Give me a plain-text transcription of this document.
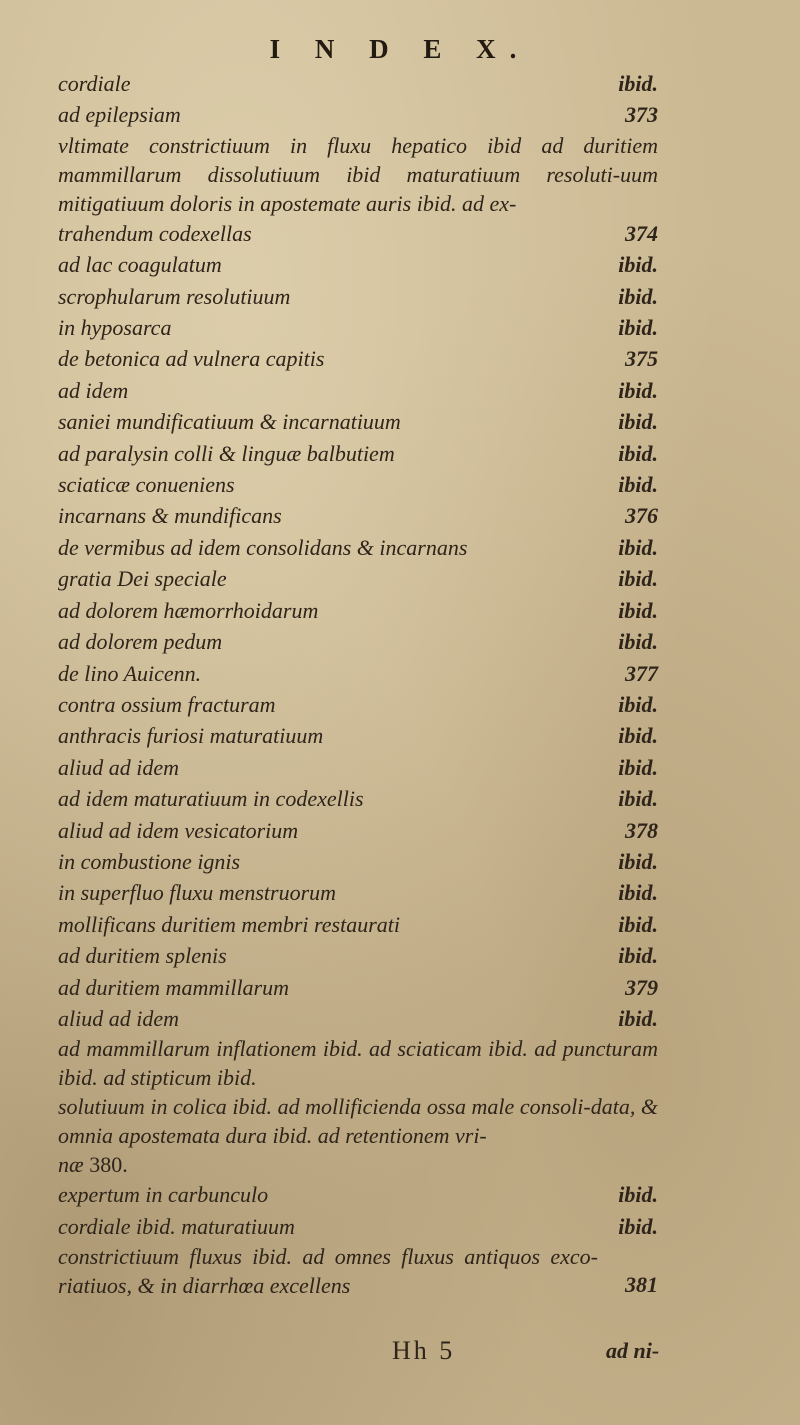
I N D E X.
cordiale	ibid.
ad epilepsiam	373
vltimate constrictiuum in fluxu hepatico ibid ad duritiem mammillarum dissolutiuum ibid maturatiuum resoluti-uum mitigatiuum doloris in apostemate auris ibid. ad ex-
trahendum codexellas	374
ad lac coagulatum	ibid.
scrophularum resolutiuum	ibid.
in hyposarca	ibid.
de betonica ad vulnera capitis	375
ad idem	ibid.
saniei mundificatiuum & incarnatiuum	ibid.
ad paralysin colli & linguæ balbutiem	ibid.
sciaticæ conueniens	ibid.
incarnans & mundificans	376
de vermibus ad idem consolidans & incarnans	ibid.
gratia Dei speciale	ibid.
ad dolorem hæmorrhoidarum	ibid.
ad dolorem pedum	ibid.
de lino Auicenn.	377
contra ossium fracturam	ibid.
anthracis furiosi maturatiuum	ibid.
aliud ad idem	ibid.
ad idem maturatiuum in codexellis	ibid.
aliud ad idem vesicatorium	378
in combustione ignis	ibid.
in superfluo fluxu menstruorum	ibid.
mollificans duritiem membri restaurati	ibid.
ad duritiem splenis	ibid.
ad duritiem mammillarum	379
aliud ad idem	ibid.
ad mammillarum inflationem ibid. ad sciaticam ibid. ad puncturam ibid. ad stipticum ibid.
solutiuum in colica ibid. ad mollificienda ossa male consoli-data, & omnia apostemata dura ibid. ad retentionem vri-
næ 380.
expertum in carbunculo	ibid.
cordiale ibid. maturatiuum	ibid.
constrictiuum fluxus ibid. ad omnes fluxus antiquos exco-riatiuos, & in diarrhœa excellens	381
Hh 5	ad ni-
